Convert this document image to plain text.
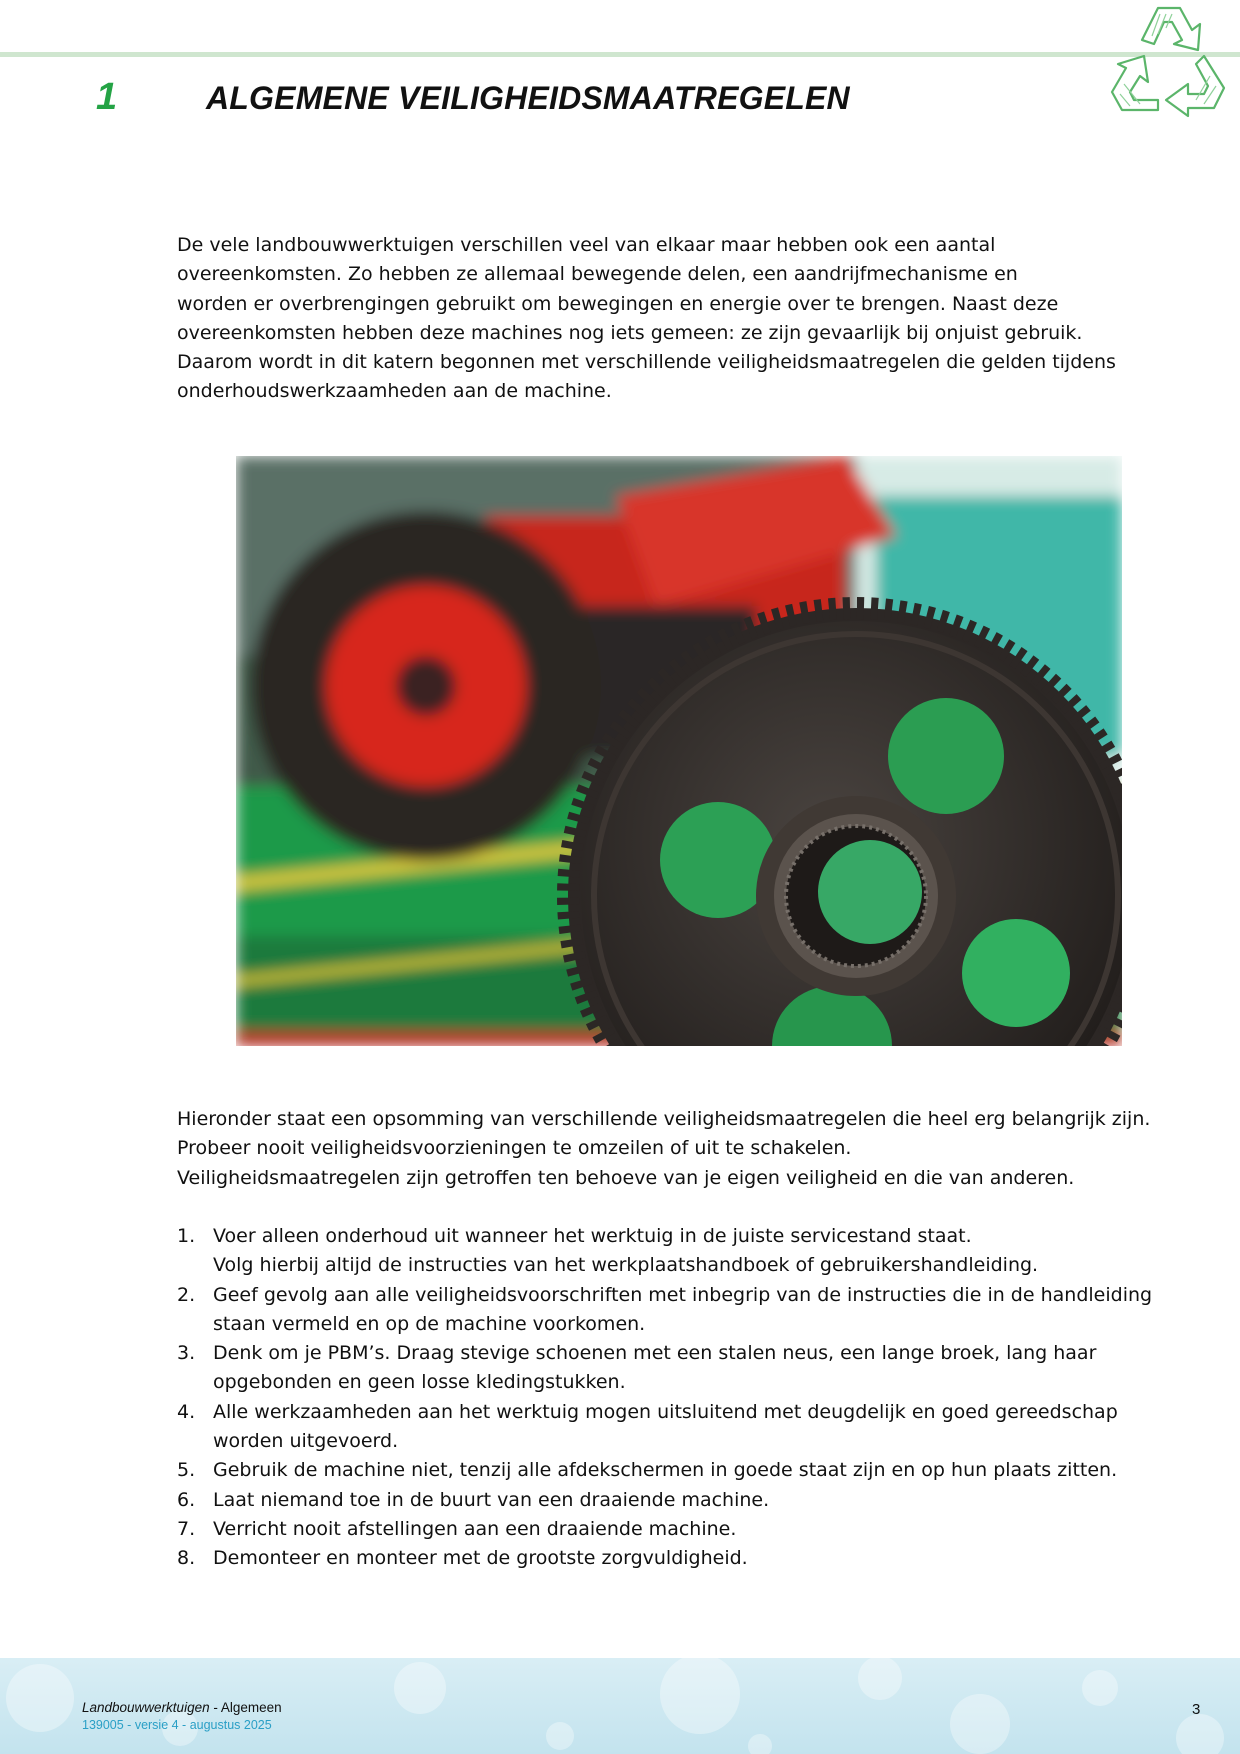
1	ALGEMENE VEILIGHEIDSMAATREGELEN

De vele landbouwwerktuigen verschillen veel van elkaar maar hebben ook een aantal
overeenkomsten. Zo hebben ze allemaal bewegende delen, een aandrijfmechanisme en
worden er overbrengingen gebruikt om bewegingen en energie over te brengen. Naast deze
overeenkomsten hebben deze machines nog iets gemeen: ze zijn gevaarlijk bij onjuist gebruik.
Daarom wordt in dit katern begonnen met verschillende veiligheidsmaatregelen die gelden tijdens
onderhoudswerkzaamheden aan de machine.

Hieronder staat een opsomming van verschillende veiligheidsmaatregelen die heel erg belangrijk zijn.
Probeer nooit veiligheidsvoorzieningen te omzeilen of uit te schakelen.
Veiligheidsmaatregelen zijn getroffen ten behoeve van je eigen veiligheid en die van anderen.

1. Voer alleen onderhoud uit wanneer het werktuig in de juiste servicestand staat.
Volg hierbij altijd de instructies van het werkplaatshandboek of gebruikershandleiding.
2. Geef gevolg aan alle veiligheidsvoorschriften met inbegrip van de instructies die in de handleiding
staan vermeld en op de machine voorkomen.
3. Denk om je PBM’s. Draag stevige schoenen met een stalen neus, een lange broek, lang haar
opgebonden en geen losse kledingstukken.
4. Alle werkzaamheden aan het werktuig mogen uitsluitend met deugdelijk en goed gereedschap
worden uitgevoerd.
5. Gebruik de machine niet, tenzij alle afdekschermen in goede staat zijn en op hun plaats zitten.
6. Laat niemand toe in de buurt van een draaiende machine.
7. Verricht nooit afstellingen aan een draaiende machine.
8. Demonteer en monteer met de grootste zorgvuldigheid.
Landbouwwerktuigen - Algemeen
139005 - versie 4 - augustus 2025
3
